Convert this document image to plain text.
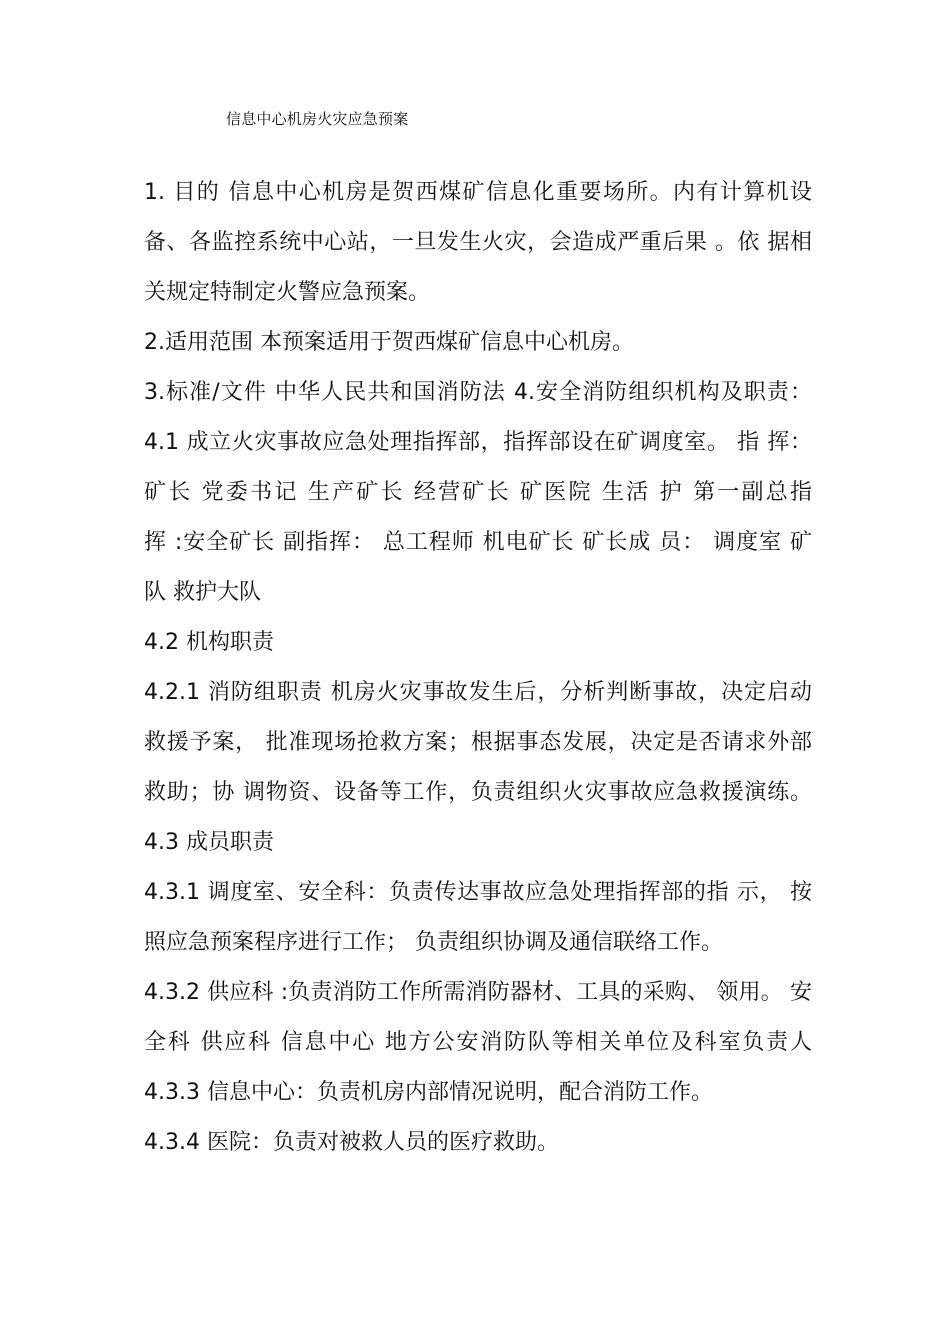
信息中心机房火灾应急预案
1. 目的 信息中心机房是贺西煤矿信息化重要场所。内有计算机设
备、各监控系统中心站，一旦发生火灾，会造成严重后果 。依 据相
关规定特制定火警应急预案。
2.适用范围 本预案适用于贺西煤矿信息中心机房。
3.标准/文件 中华人民共和国消防法 4.安全消防组织机构及职责：
4.1 成立火灾事故应急处理指挥部，指挥部设在矿调度室。 指 挥：
矿长 党委书记 生产矿长 经营矿长 矿医院 生活 护 第一副总指
挥 :安全矿长 副指挥： 总工程师 机电矿长 矿长成 员： 调度室 矿
队 救护大队
4.2 机构职责
4.2.1 消防组职责 机房火灾事故发生后，分析判断事故，决定启动
救援予案， 批准现场抢救方案；根据事态发展，决定是否请求外部
救助；协 调物资、设备等工作，负责组织火灾事故应急救援演练。
4.3 成员职责
4.3.1 调度室、安全科：负责传达事故应急处理指挥部的指 示， 按
照应急预案程序进行工作； 负责组织协调及通信联络工作。
4.3.2 供应科 :负责消防工作所需消防器材、工具的采购、 领用。 安
全科 供应科 信息中心 地方公安消防队等相关单位及科室负责人
4.3.3 信息中心：负责机房内部情况说明，配合消防工作。
4.3.4 医院：负责对被救人员的医疗救助。
